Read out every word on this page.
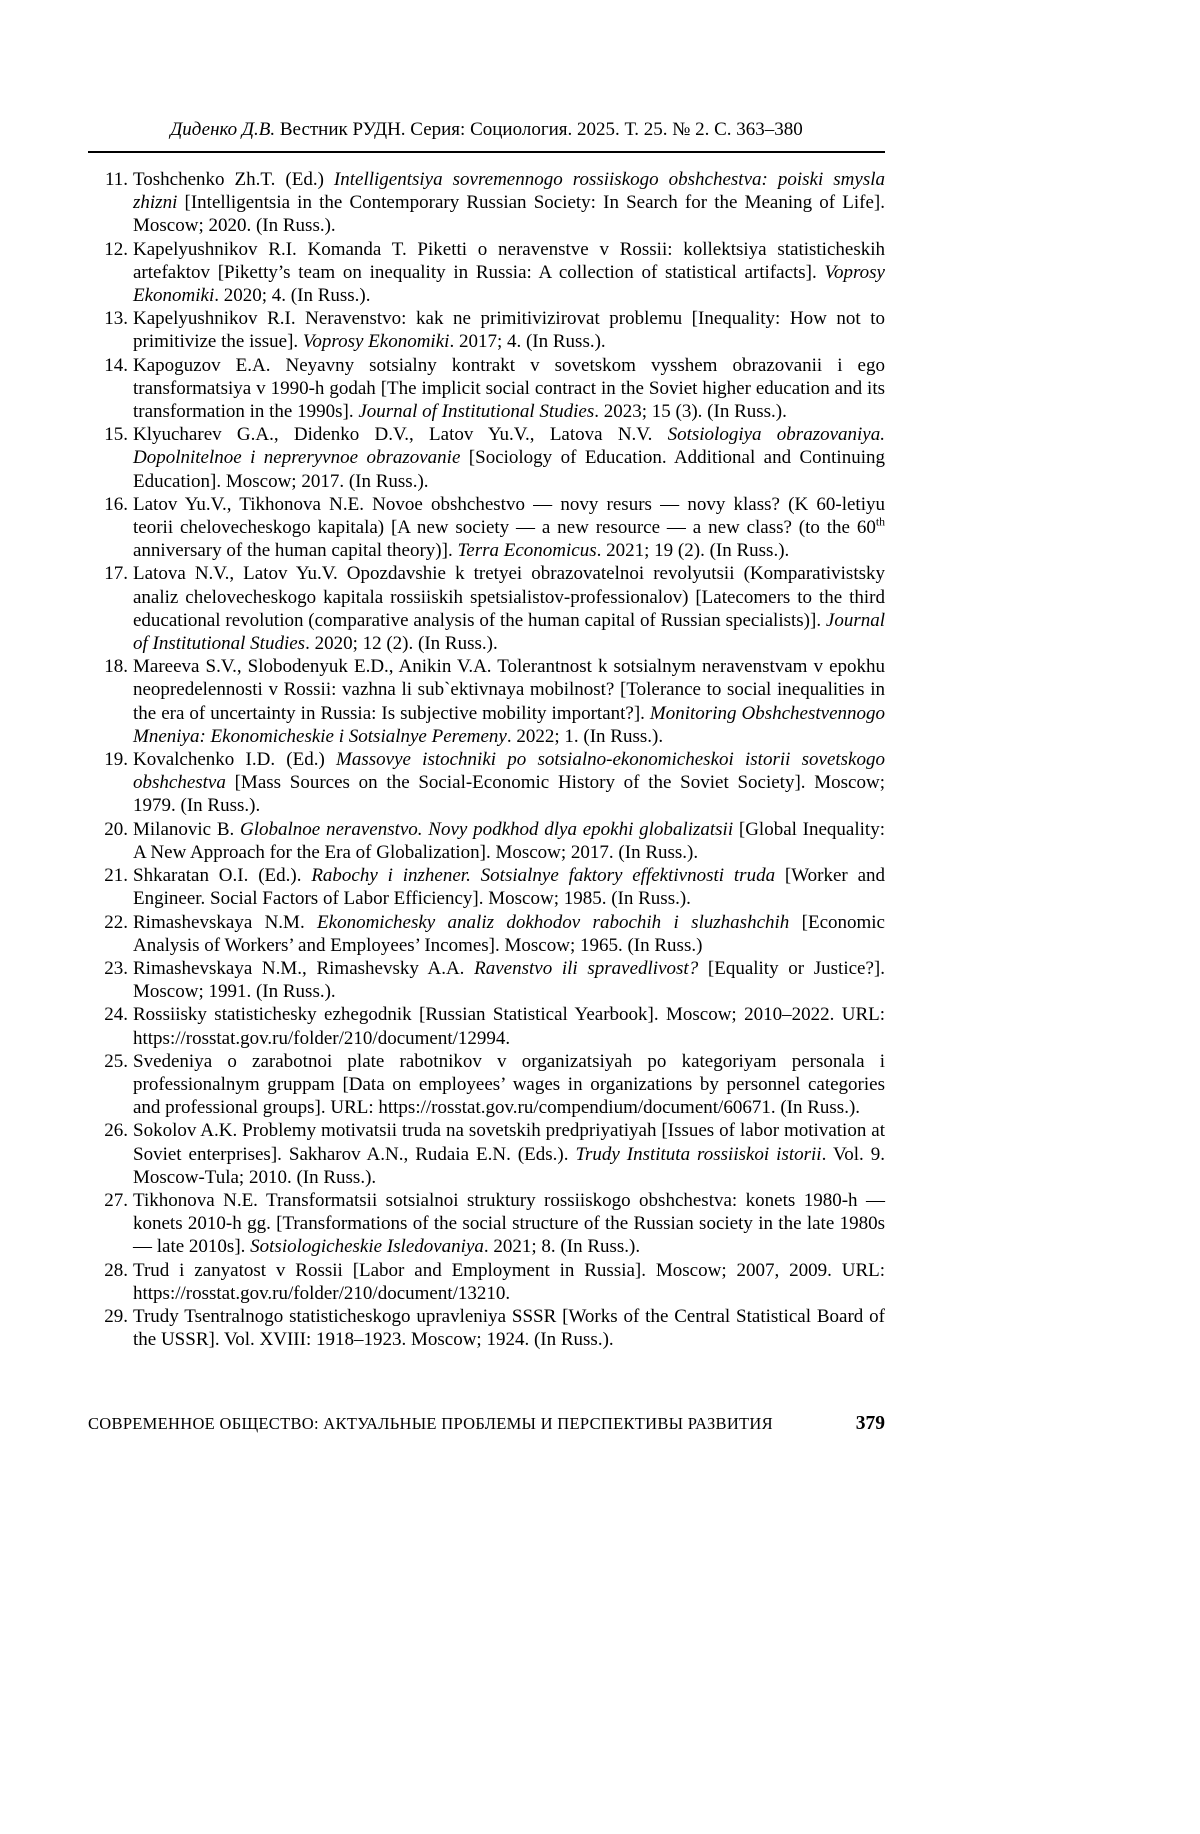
Диденко Д.В. Вестник РУДН. Серия: Социология. 2025. Т. 25. № 2. С. 363–380
11. Toshchenko Zh.T. (Ed.) Intelligentsiya sovremennogo rossiiskogo obshchestva: poiski smysla zhizni [Intelligentsia in the Contemporary Russian Society: In Search for the Meaning of Life]. Moscow; 2020. (In Russ.).
12. Kapelyushnikov R.I. Komanda T. Piketti o neravenstve v Rossii: kollektsiya statisticheskih artefaktov [Piketty’s team on inequality in Russia: A collection of statistical artifacts]. Voprosy Ekonomiki. 2020; 4. (In Russ.).
13. Kapelyushnikov R.I. Neravenstvo: kak ne primitivizirovat problemu [Inequality: How not to primitivize the issue]. Voprosy Ekonomiki. 2017; 4. (In Russ.).
14. Kapoguzov E.A. Neyavny sotsialny kontrakt v sovetskom vysshem obrazovanii i ego transformatsiya v 1990-h godah [The implicit social contract in the Soviet higher education and its transformation in the 1990s]. Journal of Institutional Studies. 2023; 15 (3). (In Russ.).
15. Klyucharev G.A., Didenko D.V., Latov Yu.V., Latova N.V. Sotsiologiya obrazovaniya. Dopolnitelnoe i nepreryvnoe obrazovanie [Sociology of Education. Additional and Continuing Education]. Moscow; 2017. (In Russ.).
16. Latov Yu.V., Tikhonova N.E. Novoe obshchestvo — novy resurs — novy klass? (K 60-letiyu teorii chelovecheskogo kapitala) [A new society — a new resource — a new class? (to the 60th anniversary of the human capital theory)]. Terra Economicus. 2021; 19 (2). (In Russ.).
17. Latova N.V., Latov Yu.V. Opozdavshie k tretyei obrazovatelnoi revolyutsii (Komparativistsky analiz chelovecheskogo kapitala rossiiskih spetsialistov-professionalov) [Latecomers to the third educational revolution (comparative analysis of the human capital of Russian specialists)]. Journal of Institutional Studies. 2020; 12 (2). (In Russ.).
18. Mareeva S.V., Slobodenyuk E.D., Anikin V.A. Tolerantnost k sotsialnym neravenstvam v epokhu neopredelennosti v Rossii: vazhna li sub`ektivnaya mobilnost? [Tolerance to social inequalities in the era of uncertainty in Russia: Is subjective mobility important?]. Monitoring Obshchestvennogo Mneniya: Ekonomicheskie i Sotsialnye Peremeny. 2022; 1. (In Russ.).
19. Kovalchenko I.D. (Ed.) Massovye istochniki po sotsialno-ekonomicheskoi istorii sovetskogo obshchestva [Mass Sources on the Social-Economic History of the Soviet Society]. Moscow; 1979. (In Russ.).
20. Milanovic B. Globalnoe neravenstvo. Novy podkhod dlya epokhi globalizatsii [Global Inequality: A New Approach for the Era of Globalization]. Moscow; 2017. (In Russ.).
21. Shkaratan O.I. (Ed.). Rabochy i inzhener. Sotsialnye faktory effektivnosti truda [Worker and Engineer. Social Factors of Labor Efficiency]. Moscow; 1985. (In Russ.).
22. Rimashevskaya N.M. Ekonomichesky analiz dokhodov rabochih i sluzhashchih [Economic Analysis of Workers’ and Employees’ Incomes]. Moscow; 1965. (In Russ.)
23. Rimashevskaya N.M., Rimashevsky A.A. Ravenstvo ili spravedlivost? [Equality or Justice?]. Moscow; 1991. (In Russ.).
24. Rossiisky statistichesky ezhegodnik [Russian Statistical Yearbook]. Moscow; 2010–2022. URL: https://rosstat.gov.ru/folder/210/document/12994.
25. Svedeniya o zarabotnoi plate rabotnikov v organizatsiyah po kategoriyam personala i professionalnym gruppam [Data on employees’ wages in organizations by personnel categories and professional groups]. URL: https://rosstat.gov.ru/compendium/document/60671. (In Russ.).
26. Sokolov A.K. Problemy motivatsii truda na sovetskih predpriyatiyah [Issues of labor motivation at Soviet enterprises]. Sakharov A.N., Rudaia E.N. (Eds.). Trudy Instituta rossiiskoi istorii. Vol. 9. Moscow-Tula; 2010. (In Russ.).
27. Tikhonova N.E. Transformatsii sotsialnoi struktury rossiiskogo obshchestva: konets 1980-h — konets 2010-h gg. [Transformations of the social structure of the Russian society in the late 1980s — late 2010s]. Sotsiologicheskie Isledovaniya. 2021; 8. (In Russ.).
28. Trud i zanyatost v Rossii [Labor and Employment in Russia]. Moscow; 2007, 2009. URL: https://rosstat.gov.ru/folder/210/document/13210.
29. Trudy Tsentralnogo statisticheskogo upravleniya SSSR [Works of the Central Statistical Board of the USSR]. Vol. XVIII: 1918–1923. Moscow; 1924. (In Russ.).
СОВРЕМЕННОЕ ОБЩЕСТВО: АКТУАЛЬНЫЕ ПРОБЛЕМЫ И ПЕРСПЕКТИВЫ РАЗВИТИЯ	379
